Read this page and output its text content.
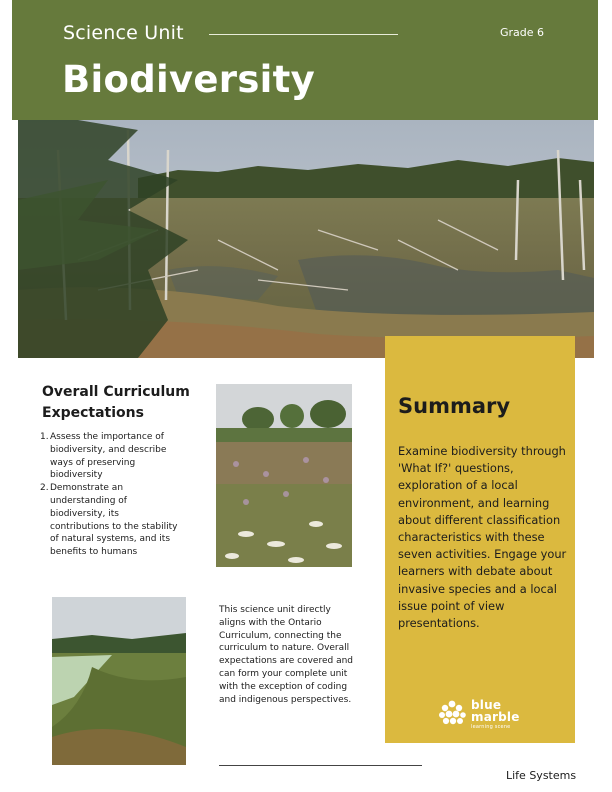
Science Unit	Grade 6
Biodiversity
Overall Curriculum Expectations
1. Assess the importance of biodiversity, and describe ways of preserving biodiversity
2. Demonstrate an understanding of biodiversity, its contributions to the stability of natural systems, and its benefits to humans
This science unit directly aligns with the Ontario Curriculum, connecting the curriculum to nature. Overall expectations are covered and can form your complete unit with the exception of coding and indigenous perspectives.
Summary
Examine biodiversity through 'What If?' questions, exploration of a local environment, and learning about different classification characteristics with these seven activities. Engage your learners with debate about invasive species and a local issue point of view presentations.
blue marble
learning scene
Life Systems
